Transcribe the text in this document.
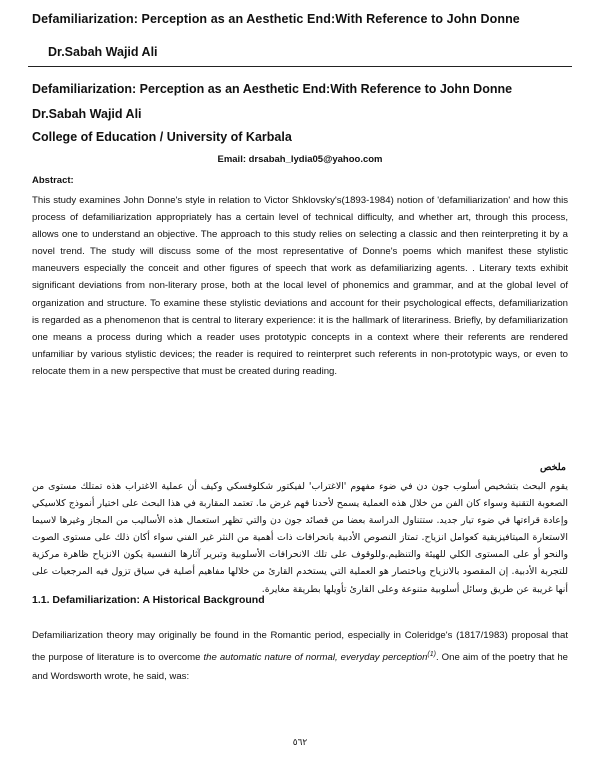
Defamiliarization: Perception as an Aesthetic End:With Reference to John Donne
Dr.Sabah Wajid Ali
Defamiliarization: Perception as an Aesthetic End:With Reference to John Donne
Dr.Sabah Wajid Ali
College of Education / University of Karbala
Email: drsabah_lydia05@yahoo.com
Abstract:
This study examines John Donne's style in relation to Victor Shklovsky's(1893-1984) notion of 'defamiliarization' and how this process of defamiliarization appropriately has a certain level of technical difficulty, and whether art, through this process, allows one to understand an objective. The approach to this study relies on selecting a classic and then reinterpreting it by a novel trend. The study will discuss some of the most representative of Donne's poems which manifest these stylistic maneuvers especially the conceit and other figures of speech that work as defamiliarizing agents. . Literary texts exhibit significant deviations from non-literary prose, both at the local level of phonemics and grammar, and at the global level of organization and structure. To examine these stylistic deviations and account for their psychological effects, defamiliarization is regarded as a phenomenon that is central to literary experience: it is the hallmark of literariness. Briefly, by defamiliarization one means a process during which a reader uses prototypic concepts in a context where their referents are rendered unfamiliar by various stylistic devices; the reader is required to reinterpret such referents in non-prototypic ways, or even to relocate them in a new perspective that must be created during reading.
ملخص
يقوم البحث بتشخيص أسلوب جون دن في ضوء مفهوم 'الاغتراب' لفيكتور شكلوفسكي وكيف أن عملية الاغتراب هذه تمتلك مستوى من الصعوبة التقنية وسواء كان الفن من خلال هذه العملية يسمح لأحدنا فهم غرض ما. تعتمد المقاربة في هذا البحث على اختيار أنموذج كلاسيكي وإعادة قراءتها في ضوء تيار جديد. ستتناول الدراسة بعضا من قصائد جون دن والتي تظهر استعمال هذه الأساليب من المجاز وغيرها لاسيما الاستعارة الميتافيزيقية كعوامل انزياح. تمتاز النصوص الأدبية بانحرافات ذات أهمية من النثر غير الفني سواء أكان ذلك على مستوى الصوت والنحو أو على المستوى الكلي للهيئة والتنظيم.وللوقوف على تلك الانحرافات الأسلوبية وتبرير آثارها النفسية يكون الانزياح ظاهرة مركزية للتجربة الأدبية. إن المقصود بالانزياح وباختصار هو العملية التي يستخدم القارئ من خلالها مفاهيم أصلية في سياق تزول فيه المرجعيات على أنها غريبة عن طريق وسائل أسلوبية متنوعة وعلى القارئ تأويلها بطريقة مغايرة.
1.1. Defamiliarization: A Historical Background
Defamiliarization theory may originally be found in the Romantic period, especially in Coleridge's (1817/1983) proposal that the purpose of literature is to overcome the automatic nature of normal, everyday perception$^{(1)}$. One aim of the poetry that he and Wordsworth wrote, he said, was:
٥٦٢
